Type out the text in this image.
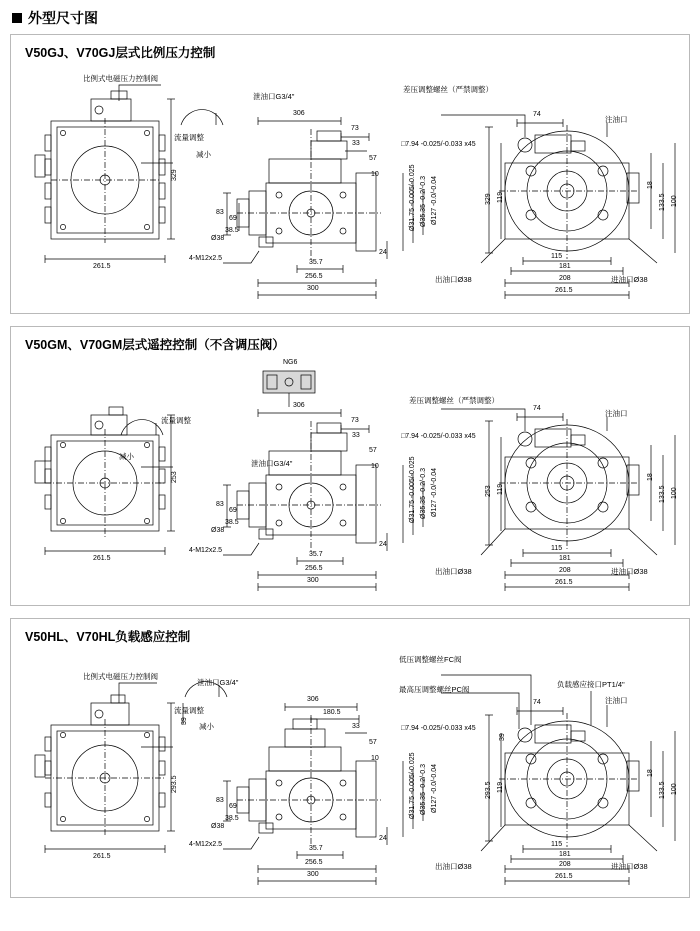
外型尺寸图
V50GJ、V70GJ层式比例压力控制
比例式电磁压力控制阀
流量调整
减小
泄油口G3/4"
差压调整螺丝（严禁调整）
注油口
出油口Ø38	进油口Ø38
4-M12x2.5
306
73
33
57
10
24
74
83
69
38.5
35.7
256.5
300
261.5
329
329 119	100
133.5
115
181
208
261.5
18
Ø38
□7.94 -0.025/-0.033 x45
Ø31.75 -0.005/-0.025 Ø35.35 -0.2/-0.3 Ø127 -0.0/-0.04
V50GM、V70GM层式遥控控制（不含调压阀）
NG6
流量调整
减小
泄油口G3/4"
差压调整螺丝（严禁调整）
注油口
出油口Ø38	进油口Ø38
4-M12x2.5
306
73
33
57
10
24
74
83
69
38.5
35.7
256.5
300
261.5
253
253 119	100
133.5
115
181
208
261.5
18
Ø38
□7.94 -0.025/-0.033 x45
Ø31.75 -0.005/-0.025 Ø35.35 -0.2/-0.3 Ø127 -0.0/-0.04
V50HL、V70HL负载感应控制
比例式电磁压力控制阀
流量调整
减小
泄油口G3/4"
低压调整螺丝FC阀
最高压调整螺丝PC阀
负载感应接口PT1/4"
注油口
出油口Ø38	进油口Ø38
4-M12x2.5
306
180.5
33
57
10
24
74
83
69
38.5
35.7
256.5
300
261.5
293.5	293.5 119
39
39
100
133.5
115
181
208
261.5
18
Ø38
□7.94 -0.025/-0.033 x45
Ø31.75 -0.005/-0.025 Ø35.35 -0.2/-0.3 Ø127 -0.0/-0.04
